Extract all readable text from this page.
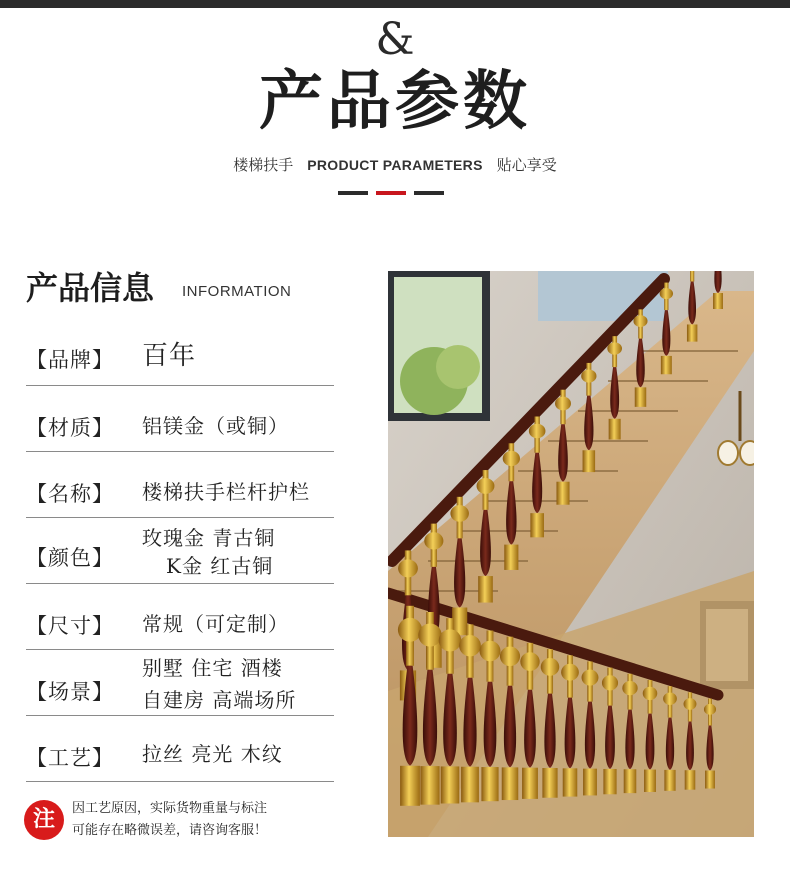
&
产品参数
楼梯扶手 PRODUCT PARAMETERS 贴心享受
产品信息 INFORMATION
【品牌】 百年
【材质】 铝镁金（或铜）
【名称】 楼梯扶手栏杆护栏
【颜色】
玫瑰金 青古铜
K金 红古铜
【尺寸】 常规（可定制）
【场景】
别墅 住宅 酒楼
自建房 高端场所
【工艺】 拉丝 亮光 木纹
注	因工艺原因，实际货物重量与标注
可能存在略微误差，请咨询客服！
